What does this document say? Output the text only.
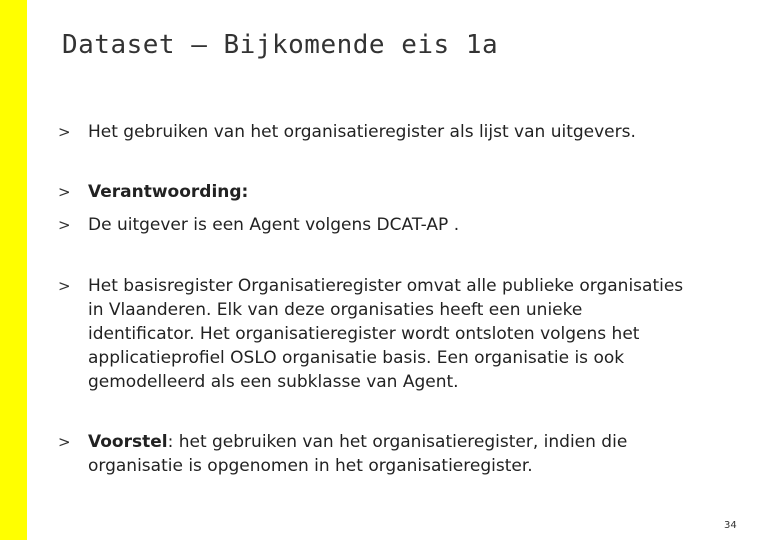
Dataset – Bijkomende eis 1a
>	Het gebruiken van het organisatieregister als lijst van uitgevers.
>	Verantwoording:
>	De uitgever is een Agent volgens DCAT-AP .
>	Het basisregister Organisatieregister omvat alle publieke organisaties in Vlaanderen. Elk van deze organisaties heeft een unieke identificator. Het organisatieregister wordt ontsloten volgens het applicatieprofiel OSLO organisatie basis. Een organisatie is ook gemodelleerd als een subklasse van Agent.
>	Voorstel: het gebruiken van het organisatieregister, indien die organisatie is opgenomen in het organisatieregister.
34
